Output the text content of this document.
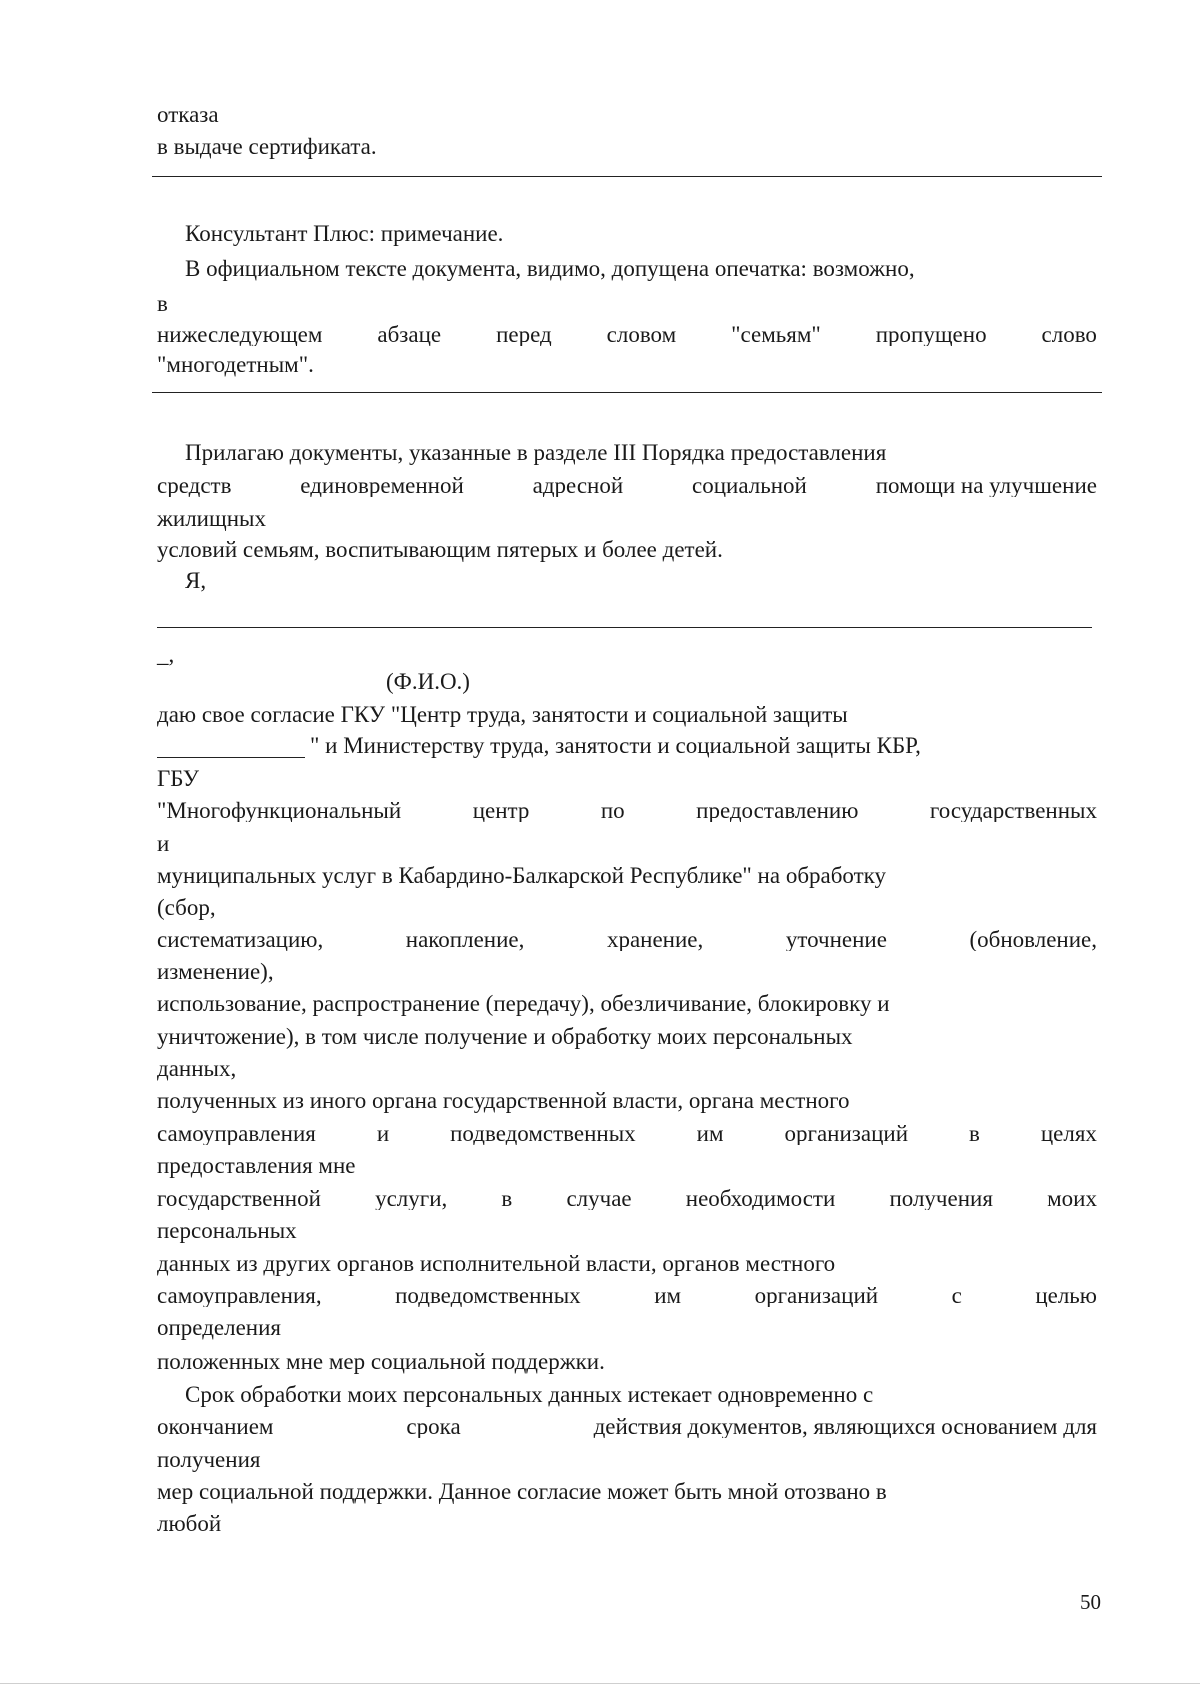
отказа
в выдаче сертификата.
Консультант Плюс: примечание.
В официальном тексте документа, видимо, допущена опечатка: возможно,
в
нижеследующем абзаце перед словом "семьям" пропущено слово
"многодетным".
Прилагаю документы, указанные в разделе III Порядка предоставления
средств	единовременной	адресной	социальной	помощи на улучшение
жилищных
условий семьям, воспитывающим пятерых и более детей.
Я,
_,
(Ф.И.О.)
даю свое согласие ГКУ "Центр труда, занятости и социальной защиты
" и Министерству труда, занятости и социальной защиты КБР,
ГБУ
"Многофункциональный	центр	по	предоставлению	государственных
и
муниципальных услуг в Кабардино-Балкарской Республике" на обработку
(сбор,
систематизацию,	накопление,	хранение,	уточнение	(обновление,
изменение),
использование, распространение (передачу), обезличивание, блокировку и
уничтожение), в том числе получение и обработку моих персональных
данных,
полученных из иного органа государственной власти, органа местного
самоуправления	и	подведомственных	им	организаций	в	целях
предоставления мне
государственной услуги, в случае необходимости получения моих
персональных
данных из других органов исполнительной власти, органов местного
самоуправления,	подведомственных	им	организаций	с	целью
определения
положенных мне мер социальной поддержки.
Срок обработки моих персональных данных истекает одновременно с
окончанием	срока	действия документов, являющихся основанием для
получения
мер социальной поддержки. Данное согласие может быть мной отозвано в
любой
50
